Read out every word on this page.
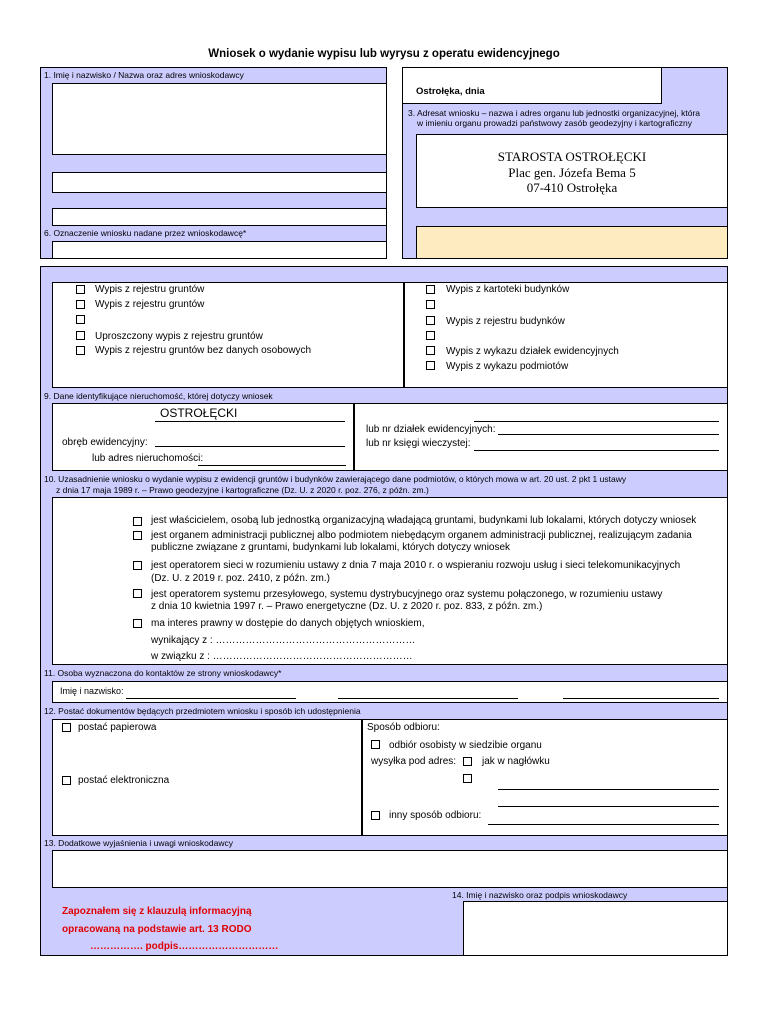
Wniosek o wydanie wypisu lub wyrysu z operatu ewidencyjnego
1. Imię i nazwisko / Nazwa oraz adres wnioskodawcy
6. Oznaczenie wniosku nadane przez wnioskodawcę*
Ostrołęka, dnia
3. Adresat wniosku – nazwa i adres organu lub jednostki organizacyjnej, która
w imieniu organu prowadzi państwowy zasób geodezyjny i kartograficzny
STAROSTA OSTROŁĘCKI
Plac gen. Józefa Bema 5
07-410 Ostrołęka
Wypis z rejestru gruntów
Wypis z rejestru gruntów
Uproszczony wypis z rejestru gruntów
Wypis z rejestru gruntów bez danych osobowych
Wypis z kartoteki budynków
Wypis z rejestru budynków
Wypis z wykazu działek ewidencyjnych
Wypis z wykazu podmiotów
9. Dane identyfikujące nieruchomość, której dotyczy wniosek
OSTROŁĘCKI
obręb ewidencyjny:
lub adres nieruchomości:
lub nr działek ewidencyjnych:
lub nr księgi wieczystej:
10. Uzasadnienie wniosku o wydanie wypisu z ewidencji gruntów i budynków zawierającego dane podmiotów, o których mowa w art. 20 ust. 2 pkt 1 ustawy
z dnia 17 maja 1989 r. – Prawo geodezyjne i kartograficzne (Dz. U. z 2020 r. poz. 276, z późn. zm.)
jest właścicielem, osobą lub jednostką organizacyjną władającą gruntami, budynkami lub lokalami, których dotyczy wniosek
jest organem administracji publicznej albo podmiotem niebędącym organem administracji publicznej, realizującym zadania
publiczne związane z gruntami, budynkami lub lokalami, których dotyczy wniosek
jest operatorem sieci w rozumieniu ustawy z dnia 7 maja 2010 r. o wspieraniu rozwoju usług i sieci telekomunikacyjnych
(Dz. U. z 2019 r. poz. 2410, z późn. zm.)
jest operatorem systemu przesyłowego, systemu dystrybucyjnego oraz systemu połączonego, w rozumieniu ustawy
z dnia 10 kwietnia 1997 r. – Prawo energetyczne (Dz. U. z 2020 r. poz. 833, z późn. zm.)
ma interes prawny w dostępie do danych objętych wnioskiem,
wynikający z : ……………………………………………………
w związku z : ……………………………………………………
11. Osoba wyznaczona do kontaktów ze strony wnioskodawcy*
Imię i nazwisko:
12. Postać dokumentów będących przedmiotem wniosku i sposób ich udostępnienia
postać papierowa
postać elektroniczna
Sposób odbioru:
odbiór osobisty w siedzibie organu
wysyłka pod adres:	jak w nagłówku
inny sposób odbioru:
13. Dodatkowe wyjaśnienia i uwagi wnioskodawcy
14. Imię i nazwisko oraz podpis wnioskodawcy
Zapoznałem się z klauzulą informacyjną
opracowaną na podstawie art. 13 RODO
……………. podpis…………………………
